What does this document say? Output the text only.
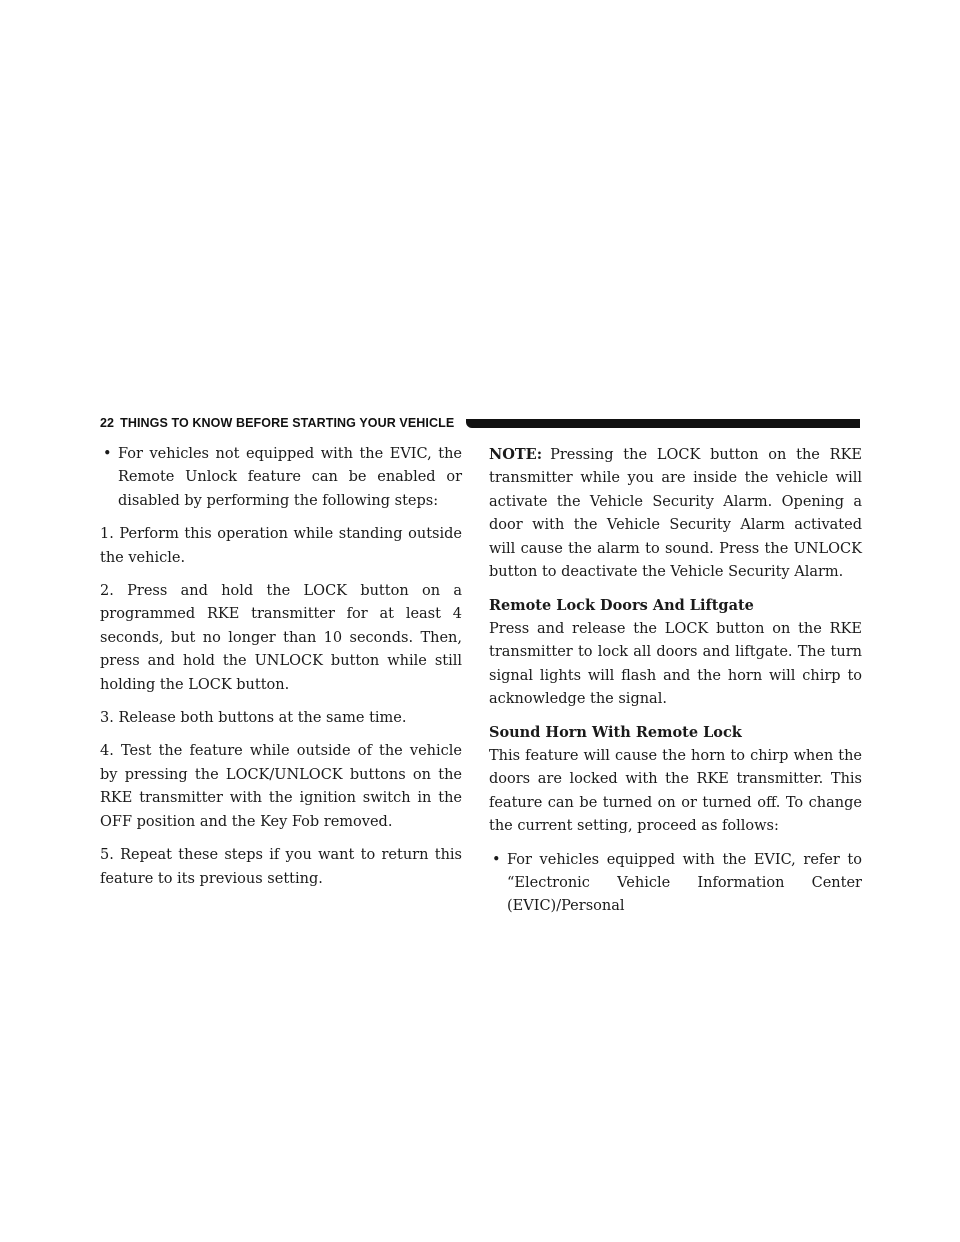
22 THINGS TO KNOW BEFORE STARTING YOUR VEHICLE
• For vehicles not equipped with the EVIC, the Remote Unlock feature can be enabled or disabled by performing the following steps:

1. Perform this operation while standing outside the vehicle.

2. Press and hold the LOCK button on a programmed RKE transmitter for at least 4 seconds, but no longer than 10 seconds. Then, press and hold the UNLOCK button while still holding the LOCK button.

3. Release both buttons at the same time.

4. Test the feature while outside of the vehicle by pressing the LOCK/UNLOCK buttons on the RKE transmitter with the ignition switch in the OFF position and the Key Fob removed.

5. Repeat these steps if you want to return this feature to its previous setting.

NOTE: Pressing the LOCK button on the RKE transmitter while you are inside the vehicle will activate the Vehicle Security Alarm. Opening a door with the Vehicle Security Alarm activated will cause the alarm to sound. Press the UNLOCK button to deactivate the Vehicle Security Alarm.

Remote Lock Doors And Liftgate

Press and release the LOCK button on the RKE transmitter to lock all doors and liftgate. The turn signal lights will flash and the horn will chirp to acknowledge the signal.

Sound Horn With Remote Lock

This feature will cause the horn to chirp when the doors are locked with the RKE transmitter. This feature can be turned on or turned off. To change the current setting, proceed as follows:

• For vehicles equipped with the EVIC, refer to “Electronic Vehicle Information Center (EVIC)/Personal
